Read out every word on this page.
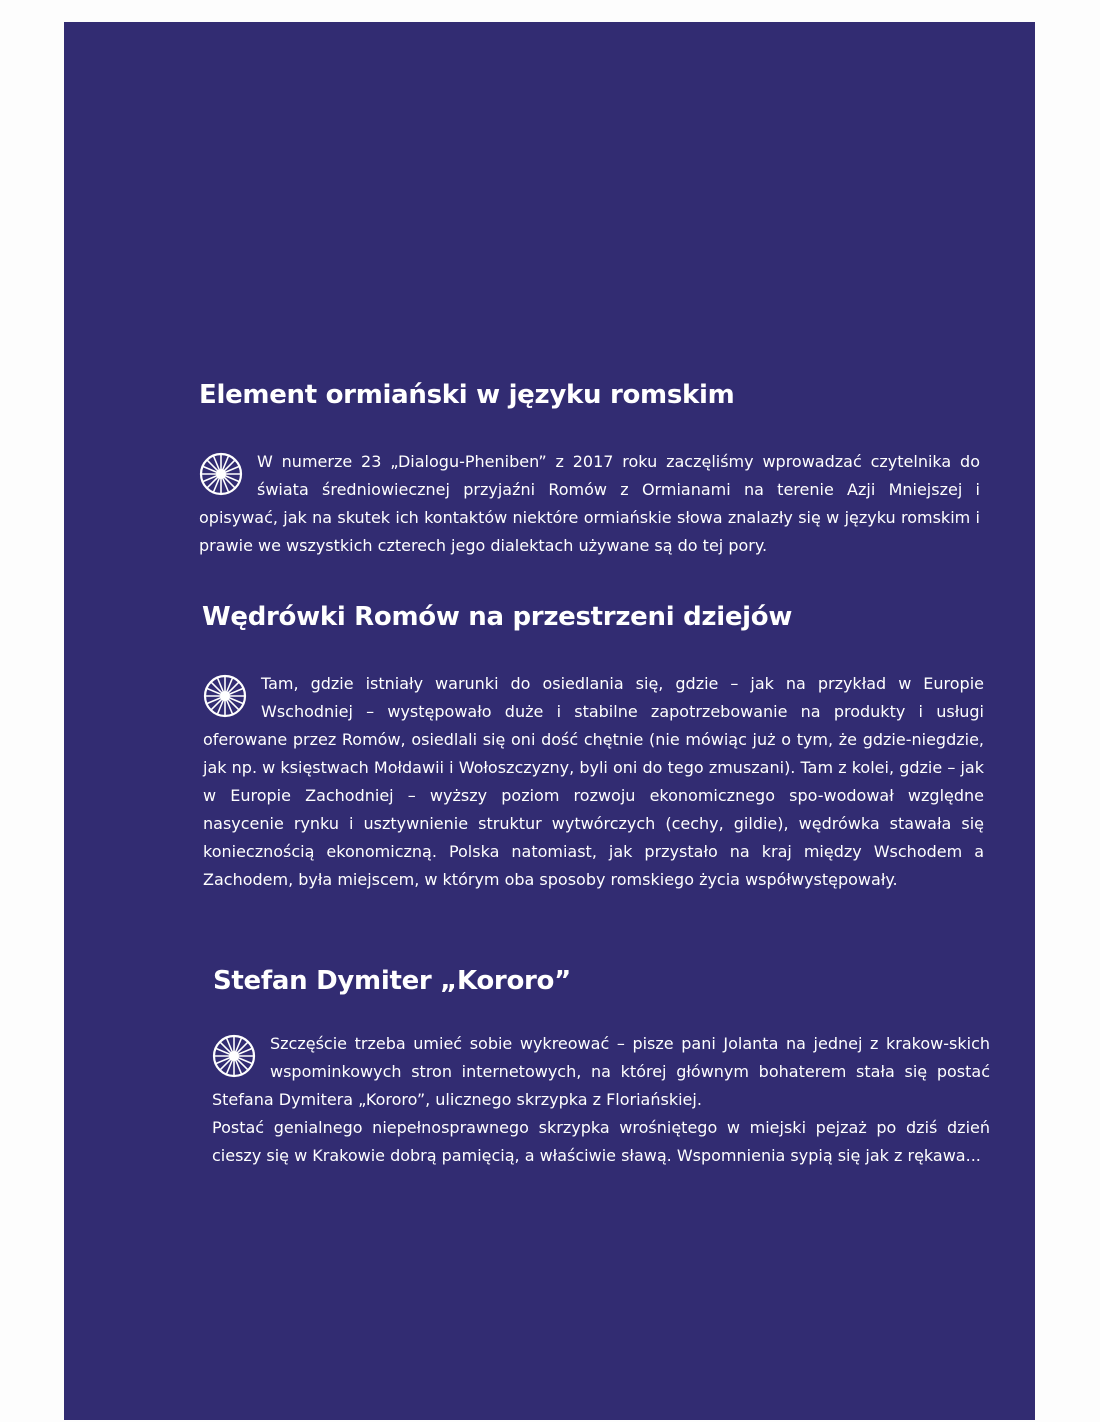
Element ormiański w języku romskim
W numerze 23 „Dialogu-Pheniben” z 2017 roku zaczęliśmy wprowadzać czytelnika do świata średniowiecznej przyjaźni Romów z Ormianami na terenie Azji Mniejszej i opisywać, jak na skutek ich kontaktów niektóre ormiańskie słowa znalazły się w języku romskim i prawie we wszystkich czterech jego dialektach używane są do tej pory.
Wędrówki Romów na przestrzeni dziejów
Tam, gdzie istniały warunki do osiedlania się, gdzie – jak na przykład w Europie Wschodniej – występowało duże i stabilne zapotrzebowanie na produkty i usługi oferowane przez Romów, osiedlali się oni dość chętnie (nie mówiąc już o tym, że gdzie-niegdzie, jak np. w księstwach Mołdawii i Wołoszczyzny, byli oni do tego zmuszani). Tam z kolei, gdzie – jak w Europie Zachodniej – wyższy poziom rozwoju ekonomicznego spo-wodował względne nasycenie rynku i usztywnienie struktur wytwórczych (cechy, gildie), wędrówka stawała się koniecznością ekonomiczną. Polska natomiast, jak przystało na kraj między Wschodem a Zachodem, była miejscem, w którym oba sposoby romskiego życia współwystępowały.
Stefan Dymiter „Kororo”
Szczęście trzeba umieć sobie wykreować – pisze pani Jolanta na jednej z krakow-skich wspominkowych stron internetowych, na której głównym bohaterem stała się postać Stefana Dymitera „Kororo”, ulicznego skrzypka z Floriańskiej.
Postać genialnego niepełnosprawnego skrzypka wrośniętego w miejski pejzaż po dziś dzień cieszy się w Krakowie dobrą pamięcią, a właściwie sławą. Wspomnienia sypią się jak z rękawa...
